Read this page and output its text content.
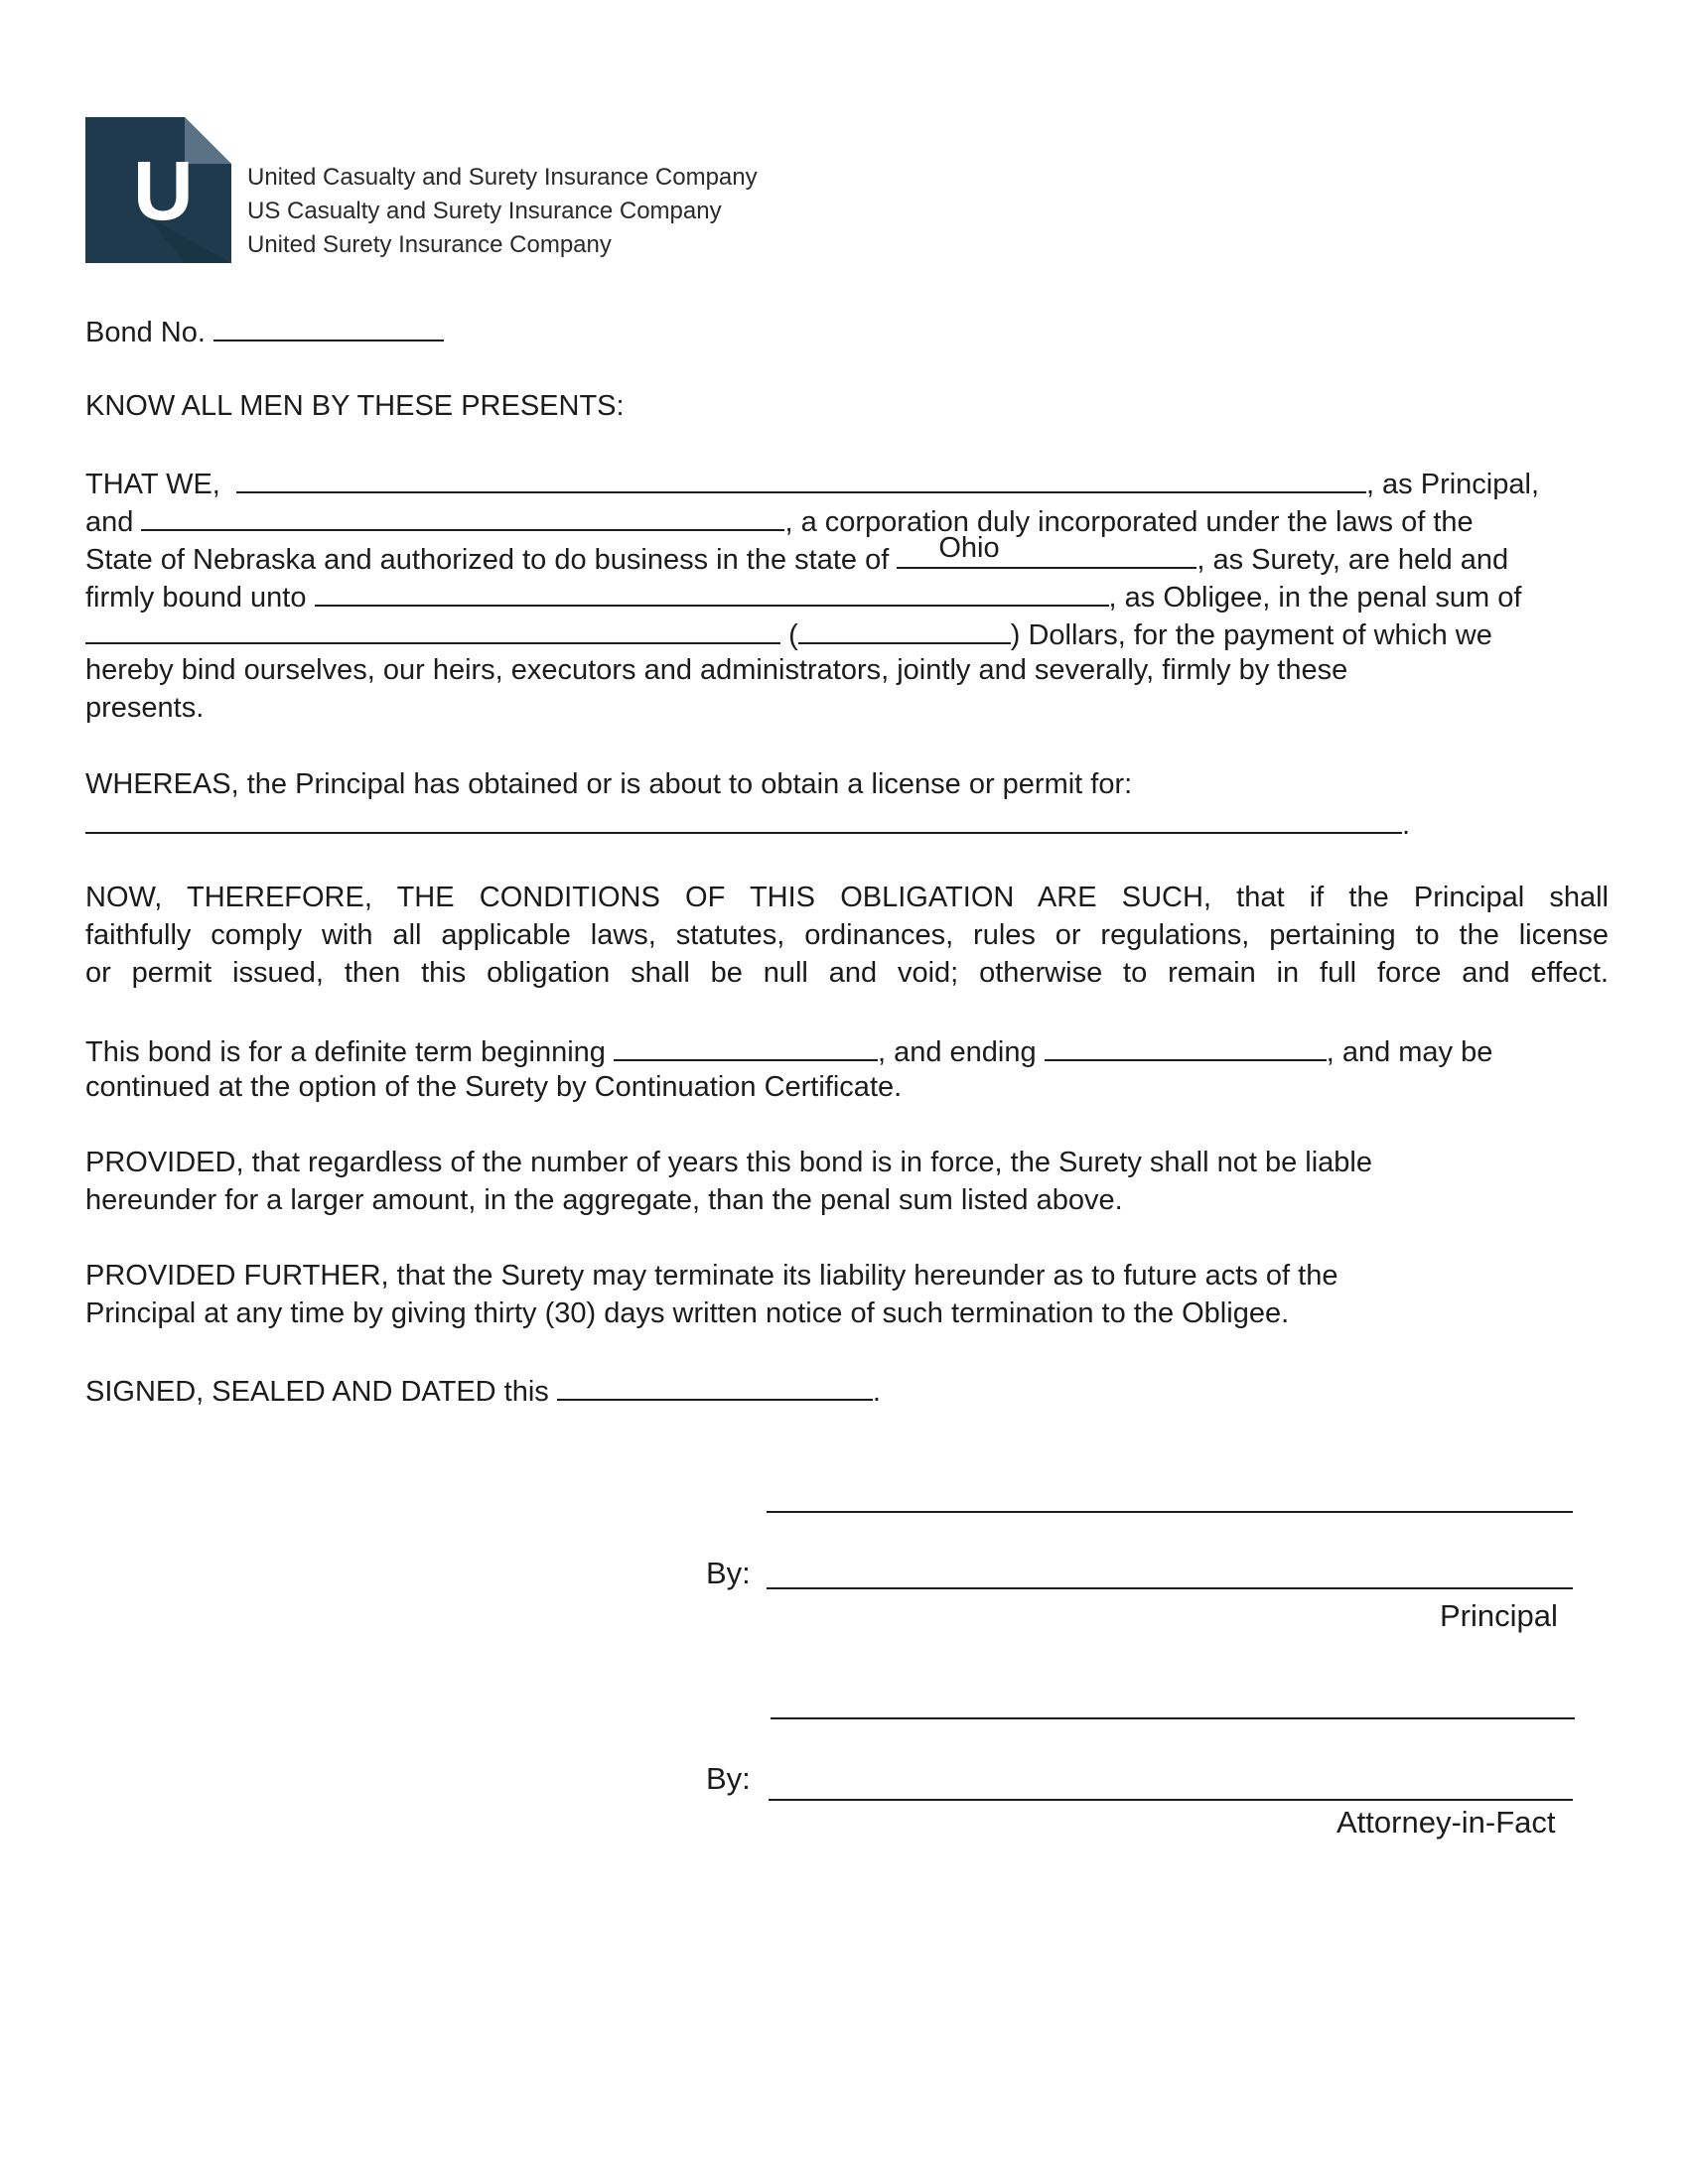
U United Casualty and Surety Insurance Company
US Casualty and Surety Insurance Company
United Surety Insurance Company
Bond No.
KNOW ALL MEN BY THESE PRESENTS:
THAT WE,	, as Principal,
and	, a corporation duly incorporated under the laws of the
State of Nebraska and authorized to do business in the state of Ohio	, as Surety, are held and
firmly bound unto	, as Obligee, in the penal sum of
(	) Dollars, for the payment of which we
hereby bind ourselves, our heirs, executors and administrators, jointly and severally, firmly by these
presents.
WHEREAS, the Principal has obtained or is about to obtain a license or permit for:
.
NOW, THEREFORE, THE CONDITIONS OF THIS OBLIGATION ARE SUCH, that if the Principal shall
faithfully comply with all applicable laws, statutes, ordinances, rules or regulations, pertaining to the license
or permit issued, then this obligation shall be null and void; otherwise to remain in full force and effect.
This bond is for a definite term beginning	, and ending	, and may be
continued at the option of the Surety by Continuation Certificate.
PROVIDED, that regardless of the number of years this bond is in force, the Surety shall not be liable
hereunder for a larger amount, in the aggregate, than the penal sum listed above.
PROVIDED FURTHER, that the Surety may terminate its liability hereunder as to future acts of the
Principal at any time by giving thirty (30) days written notice of such termination to the Obligee.
SIGNED, SEALED AND DATED this	.
By:
Principal
By:
Attorney-in-Fact
